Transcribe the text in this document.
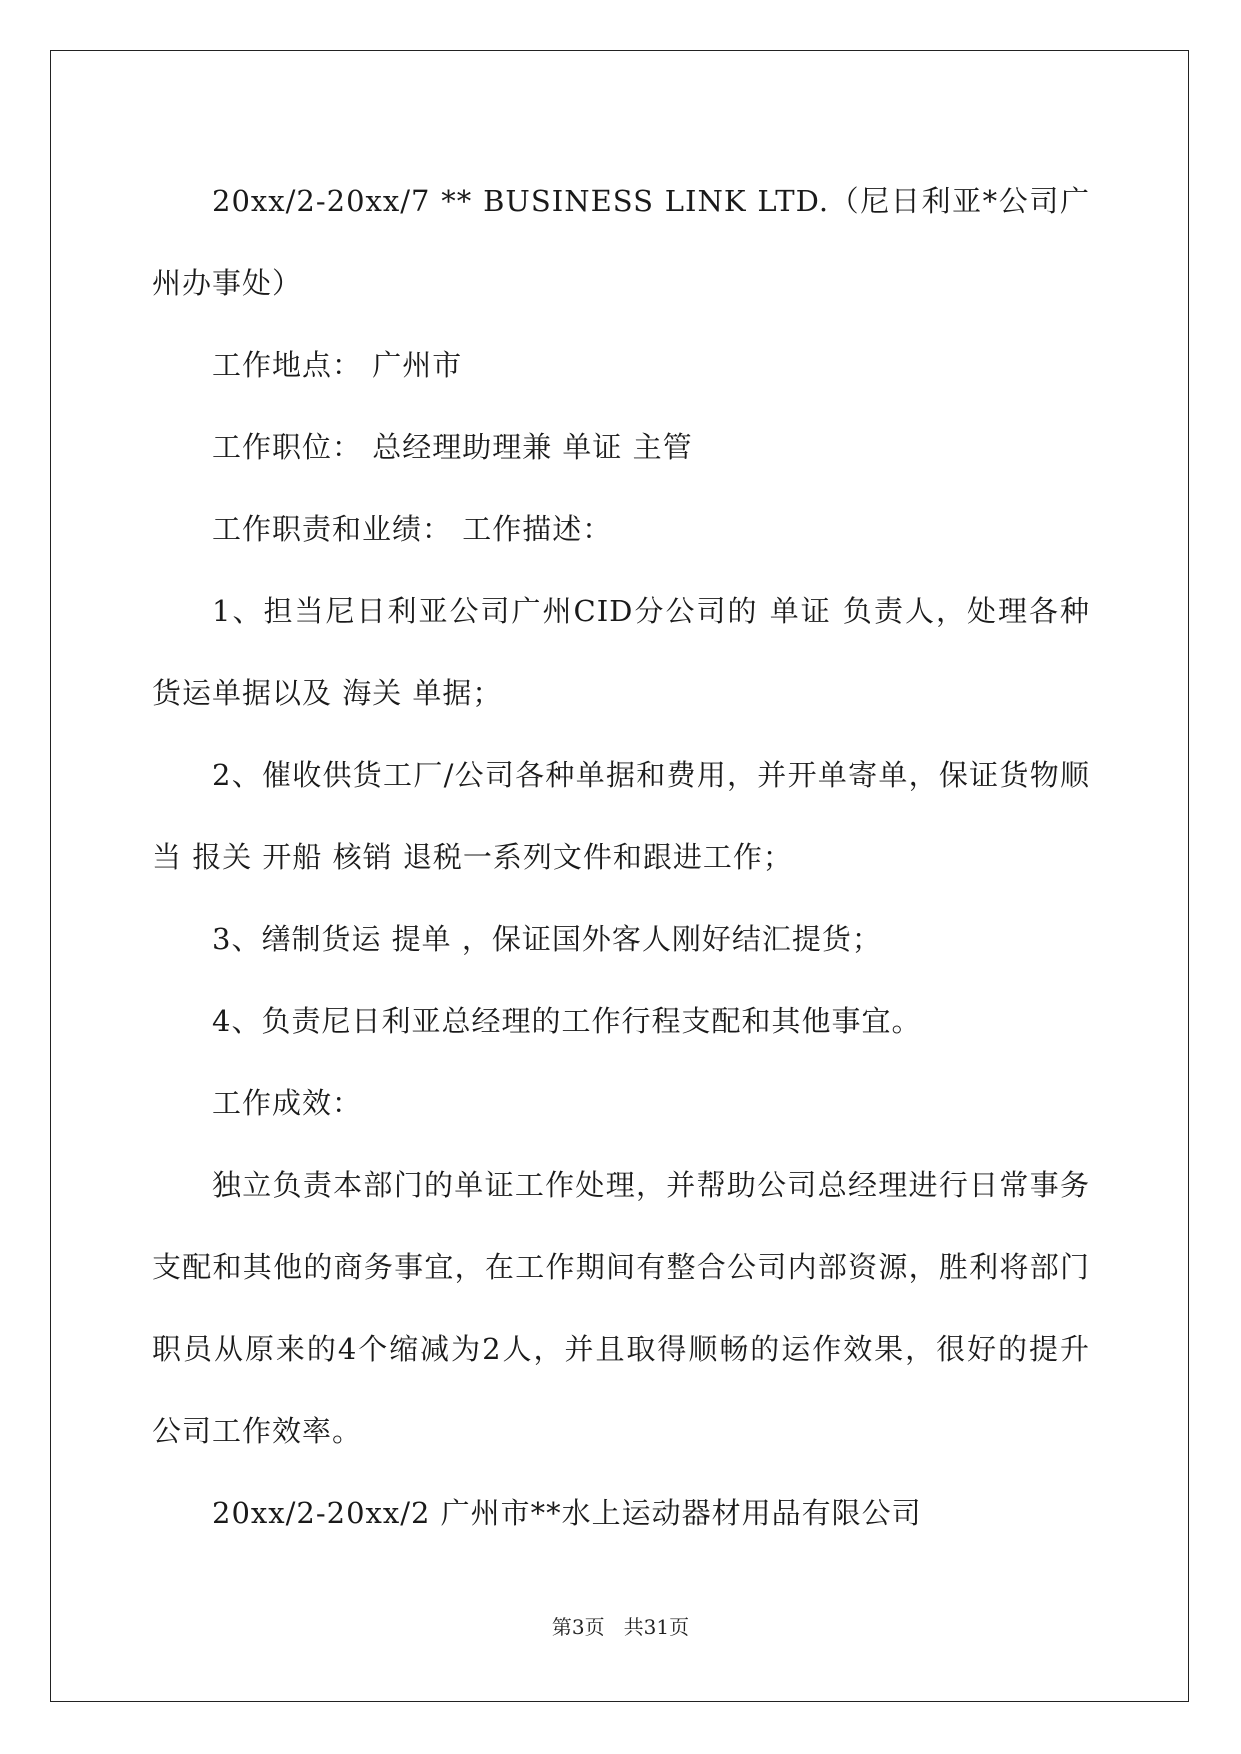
20xx/2-20xx/7 ** BUSINESS LINK LTD.（尼日利亚*公司广州办事处）

工作地点： 广州市

工作职位： 总经理助理兼 单证 主管

工作职责和业绩： 工作描述：

1、担当尼日利亚公司广州CID分公司的 单证 负责人，处理各种货运单据以及 海关 单据；

2、催收供货工厂/公司各种单据和费用，并开单寄单，保证货物顺当 报关 开船 核销 退税一系列文件和跟进工作；

3、缮制货运 提单 ，保证国外客人刚好结汇提货；

4、负责尼日利亚总经理的工作行程支配和其他事宜。

工作成效：

独立负责本部门的单证工作处理，并帮助公司总经理进行日常事务支配和其他的商务事宜，在工作期间有整合公司内部资源，胜利将部门职员从原来的4个缩减为2人，并且取得顺畅的运作效果，很好的提升公司工作效率。

20xx/2-20xx/2 广州市**水上运动器材用品有限公司

第3页 共31页
